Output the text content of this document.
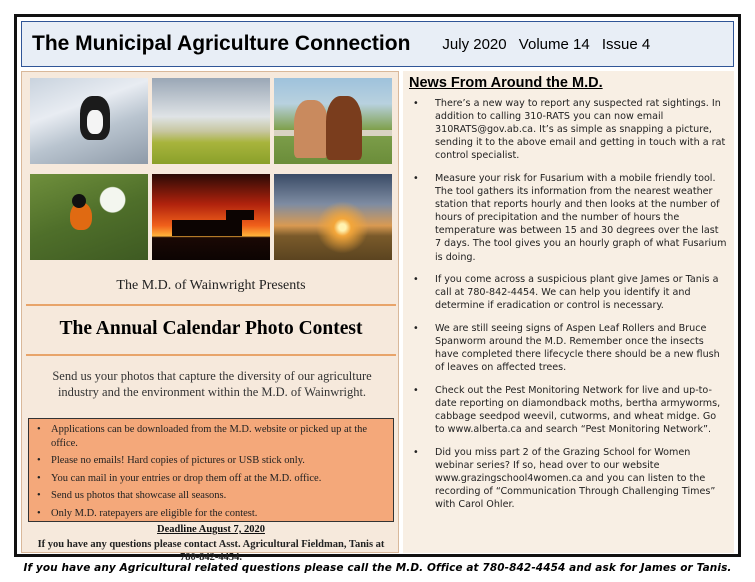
The Municipal Agriculture Connection July 2020 Volume 14 Issue 4
The M.D. of Wainwright Presents
The Annual Calendar Photo Contest
Send us your photos that capture the diversity of our agriculture industry and the environment within the M.D. of Wainwright.
• Applications can be downloaded from the M.D. website or picked up at the office.
• Please no emails! Hard copies of pictures or USB stick only.
• You can mail in your entries or drop them off at the M.D. office.
• Send us photos that showcase all seasons.
• Only M.D. ratepayers are eligible for the contest.
Deadline August 7, 2020
If you have any questions please contact Asst. Agricultural Fieldman, Tanis at 780-842-4454.
News From Around the M.D.
• There’s a new way to report any suspected rat sightings. In addition to calling 310-RATS you can now email 310RATS@gov.ab.ca. It’s as simple as snapping a picture, sending it to the above email and getting in touch with a rat control specialist.
• Measure your risk for Fusarium with a mobile friendly tool. The tool gathers its information from the nearest weather station that reports hourly and then looks at the number of hours of precipitation and the number of hours the temperature was between 15 and 30 degrees over the last 7 days. The tool gives you an hourly graph of what Fusarium is doing.
• If you come across a suspicious plant give James or Tanis a call at 780-842-4454. We can help you identify it and determine if eradication or control is necessary.
• We are still seeing signs of Aspen Leaf Rollers and Bruce Spanworm around the M.D. Remember once the insects have completed there lifecycle there should be a new flush of leaves on affected trees.
• Check out the Pest Monitoring Network for live and up-to-date reporting on diamondback moths, bertha armyworms, cabbage seedpod weevil, cutworms, and wheat midge. Go to www.alberta.ca and search “Pest Monitoring Network”.
• Did you miss part 2 of the Grazing School for Women webinar series? If so, head over to our website www.grazingschool4women.ca and you can listen to the recording of “Communication Through Challenging Times” with Carol Ohler.
If you have any Agricultural related questions please call the M.D. Office at 780-842-4454 and ask for James or Tanis.
